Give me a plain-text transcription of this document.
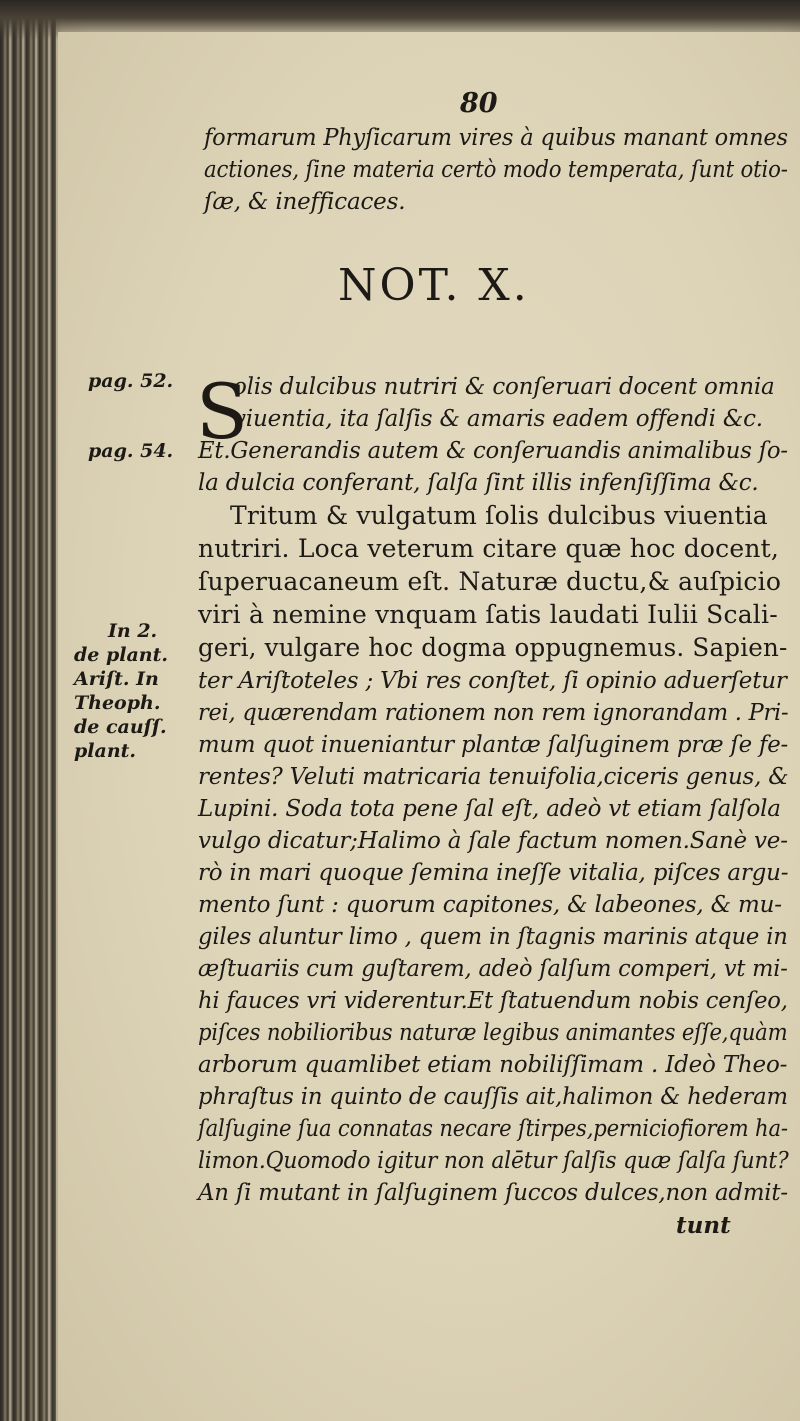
80
formarum Phyſicarum vires à quibus manant omnes
actiones, ſine materia certò modo temperata, ſunt otio-
ſæ, & inefficaces.
NOT. X.
pag. 52.
pag. 54.
In 2.
de plant.
Ariſt. In
Theoph.
de cauſſ.
plant.
S
olis dulcibus nutriri & conſeruari docent omnia
viuentia, ita ſalſis & amaris eadem offendi &c.
Et.Generandis autem & conſeruandis animalibus ſo-
la dulcia conferant, ſalſa ſint illis infenſiſſima &c.
Tritum & vulgatum ſolis dulcibus viuentia
nutriri. Loca veterum citare quæ hoc docent,
ſuperuacaneum eſt. Naturæ ductu,& auſpicio
viri à nemine vnquam ſatis laudati Iulii Scali-
geri, vulgare hoc dogma oppugnemus. Sapien-
ter Ariſtoteles ; Vbi res conſtet, ſi opinio aduerſetur
rei, quærendam rationem non rem ignorandam . Pri-
mum quot inueniantur plantæ ſalſuginem præ ſe fe-
rentes? Veluti matricaria tenuifolia,ciceris genus, &
Lupini. Soda tota pene ſal eſt, adeò vt etiam ſalſola
vulgo dicatur;Halimo à ſale factum nomen.Sanè ve-
rò in mari quoque ſemina ineſſe vitalia, piſces argu-
mento ſunt : quorum capitones, & labeones, & mu-
giles aluntur limo , quem in ſtagnis marinis atque in
æſtuariis cum guſtarem, adeò ſalſum comperi, vt mi-
hi fauces vri viderentur.Et ſtatuendum nobis cenſeo,
piſces nobilioribus naturæ legibus animantes eſſe,quàm
arborum quamlibet etiam nobiliſſimam . Ideò Theo-
phraſtus in quinto de cauſſis ait,halimon & hederam
ſalſugine ſua connatas necare ſtirpes,perniciofiorem ha-
limon.Quomodo igitur non alētur ſalſis quæ ſalſa ſunt?
An ſi mutant in ſalſuginem ſuccos dulces,non admit-
tunt
